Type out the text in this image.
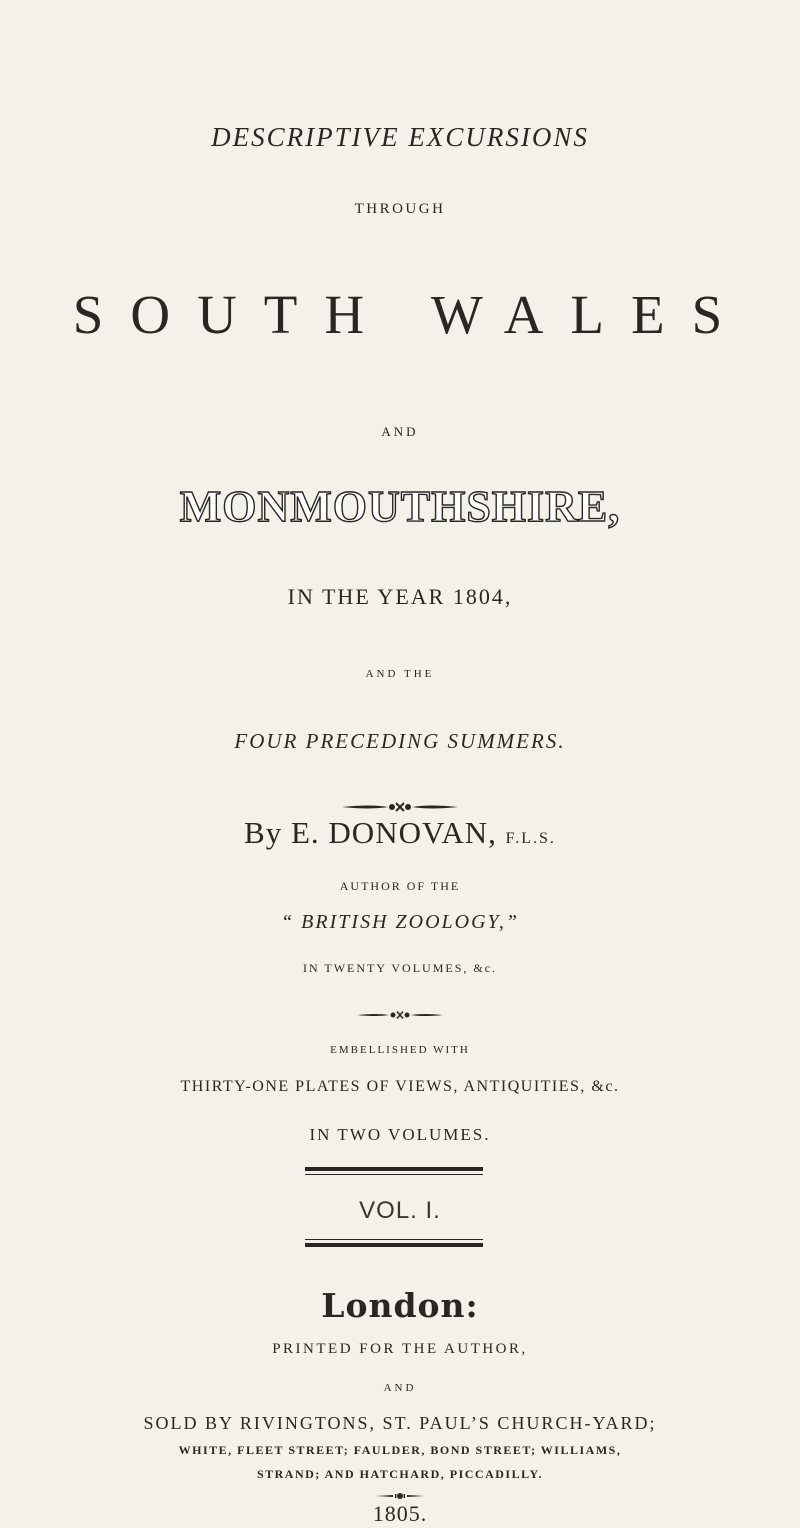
DESCRIPTIVE EXCURSIONS
THROUGH
SOUTH WALES
AND
MONMOUTHSHIRE,
IN THE YEAR 1804,
AND THE
FOUR PRECEDING SUMMERS.
By E. DONOVAN, F.L.S.
AUTHOR OF THE
“ BRITISH ZOOLOGY,”
IN TWENTY VOLUMES, &c.
EMBELLISHED WITH
THIRTY-ONE PLATES OF VIEWS, ANTIQUITIES, &c.
IN TWO VOLUMES.
VOL. I.
London:
PRINTED FOR THE AUTHOR,
AND
SOLD BY RIVINGTONS, ST. PAUL’S CHURCH-YARD;
WHITE, FLEET STREET; FAULDER, BOND STREET; WILLIAMS,
STRAND; AND HATCHARD, PICCADILLY.
1805.
